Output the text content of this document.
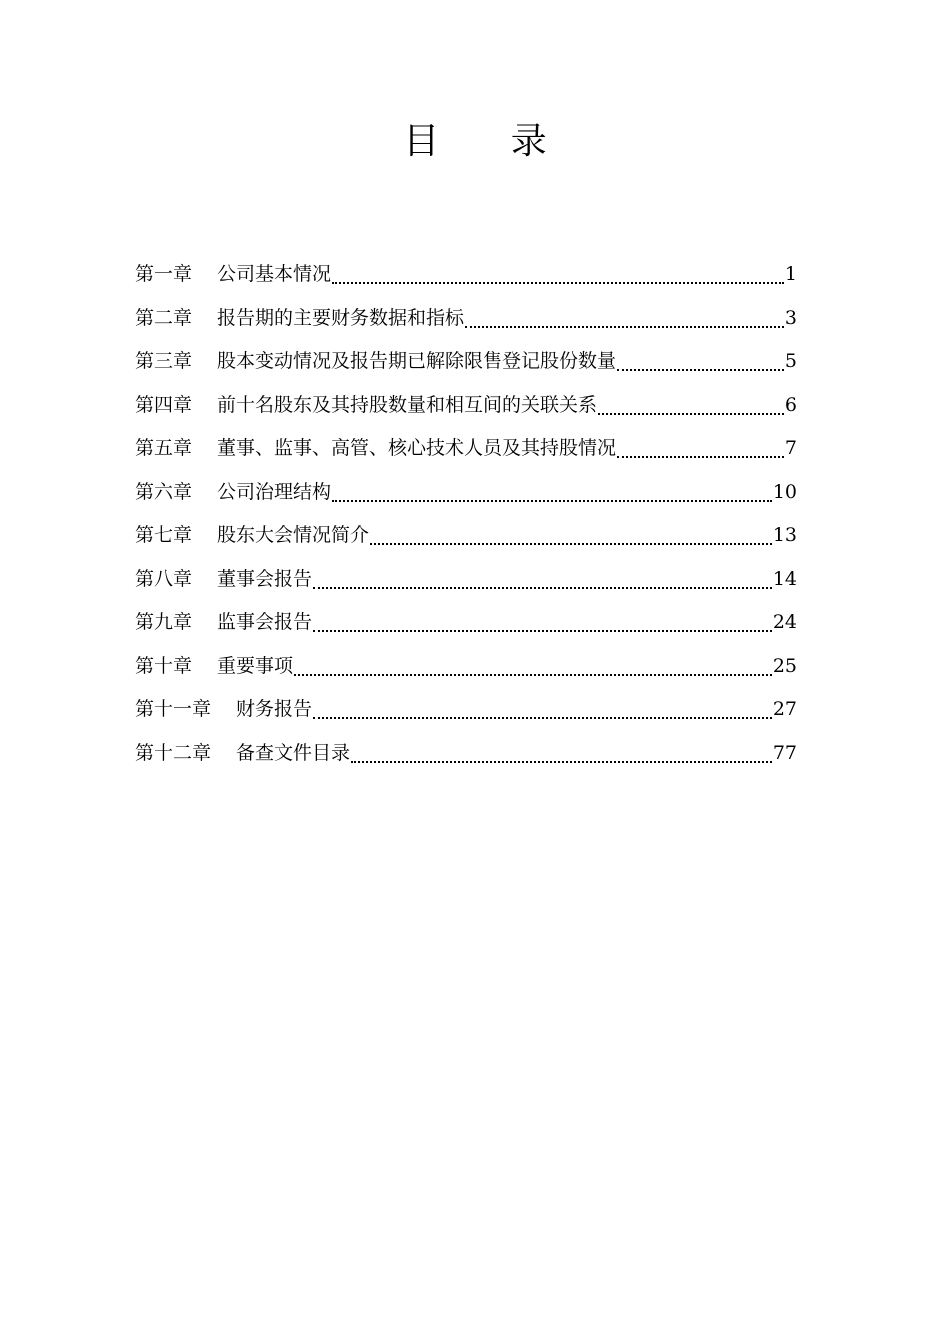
目 录
第一章 公司基本情况	1
第二章 报告期的主要财务数据和指标	3
第三章 股本变动情况及报告期已解除限售登记股份数量	5
第四章 前十名股东及其持股数量和相互间的关联关系	6
第五章 董事、监事、高管、核心技术人员及其持股情况	7
第六章 公司治理结构	10
第七章 股东大会情况简介	13
第八章 董事会报告	14
第九章 监事会报告	24
第十章 重要事项	25
第十一章 财务报告	27
第十二章 备查文件目录	77
